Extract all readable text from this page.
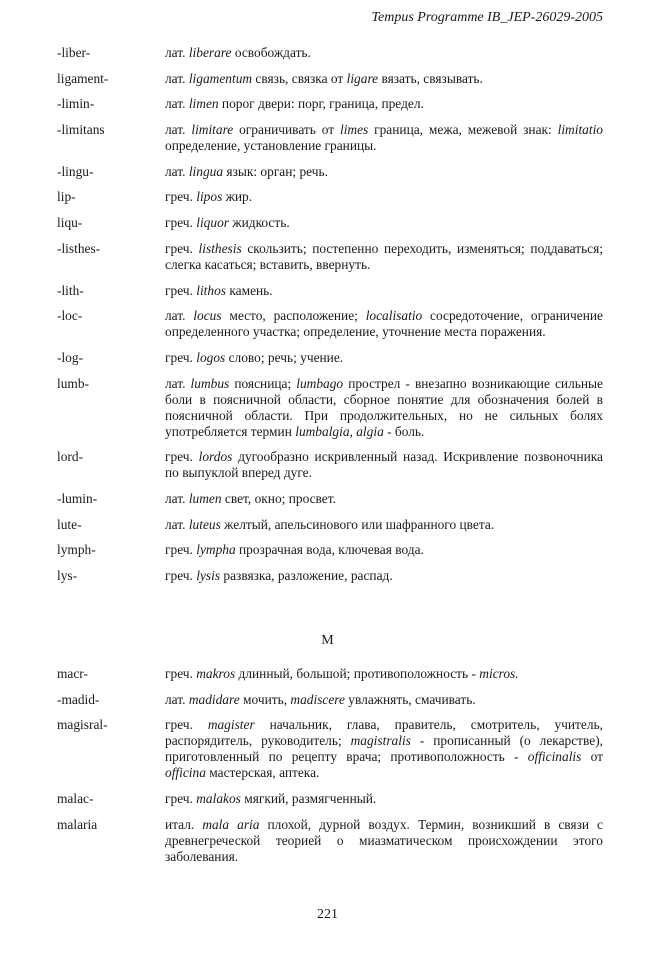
Tempus Programme IB_JEP-26029-2005
-liber-	лат. liberare освобождать.
ligament-	лат. ligamentum связь, связка от ligare вязать, связывать.
-limin-	лат. limen порог двери: порг, граница, предел.
-limitans	лат. limitare ограничивать от limes граница, межа, межевой знак: limitatio определение, установление границы.
-lingu-	лат. lingua язык: орган; речь.
lip-	греч. lipos жир.
liqu-	греч. liquor жидкость.
-listhes-	греч. listhesis скользить; постепенно переходить, изменяться; поддаваться; слегка касаться; вставить, ввернуть.
-lith-	греч. lithos камень.
-loc-	лат. locus место, расположение; localisatio сосредоточение, ограничение определенного участка; определение, уточнение места поражения.
-log-	греч. logos слово; речь; учение.
lumb-	лат. lumbus поясница; lumbago прострел - внезапно возникающие сильные боли в поясничной области, сборное понятие для обозначения болей в поясничной области. При продолжительных, но не сильных болях употребляется термин lumbalgia, algia - боль.
lord-	греч. lordos дугообразно искривленный назад. Искривление позвоночника по выпуклой вперед дуге.
-lumin-	лат. lumen свет, окно; просвет.
lute-	лат. luteus желтый, апельсинового или шафранного цвета.
lymph-	греч. lympha прозрачная вода, ключевая вода.
lys-	греч. lysis развязка, разложение, распад.
M
macr-	греч. makros длинный, большой; противоположность - micros.
-madid-	лат. madidare мочить, madiscere увлажнять, смачивать.
magisral-	греч. magister начальник, глава, правитель, смотритель, учитель, распорядитель, руководитель; magistralis - прописанный (о лекарстве), приготовленный по рецепту врача; противоположность - officinalis от officina мастерская, аптека.
malac-	греч. malakos мягкий, размягченный.
malaria	итал. mala aria плохой, дурной воздух. Термин, возникший в связи с древнегреческой теорией о миазматическом происхождении этого заболевания.
221
